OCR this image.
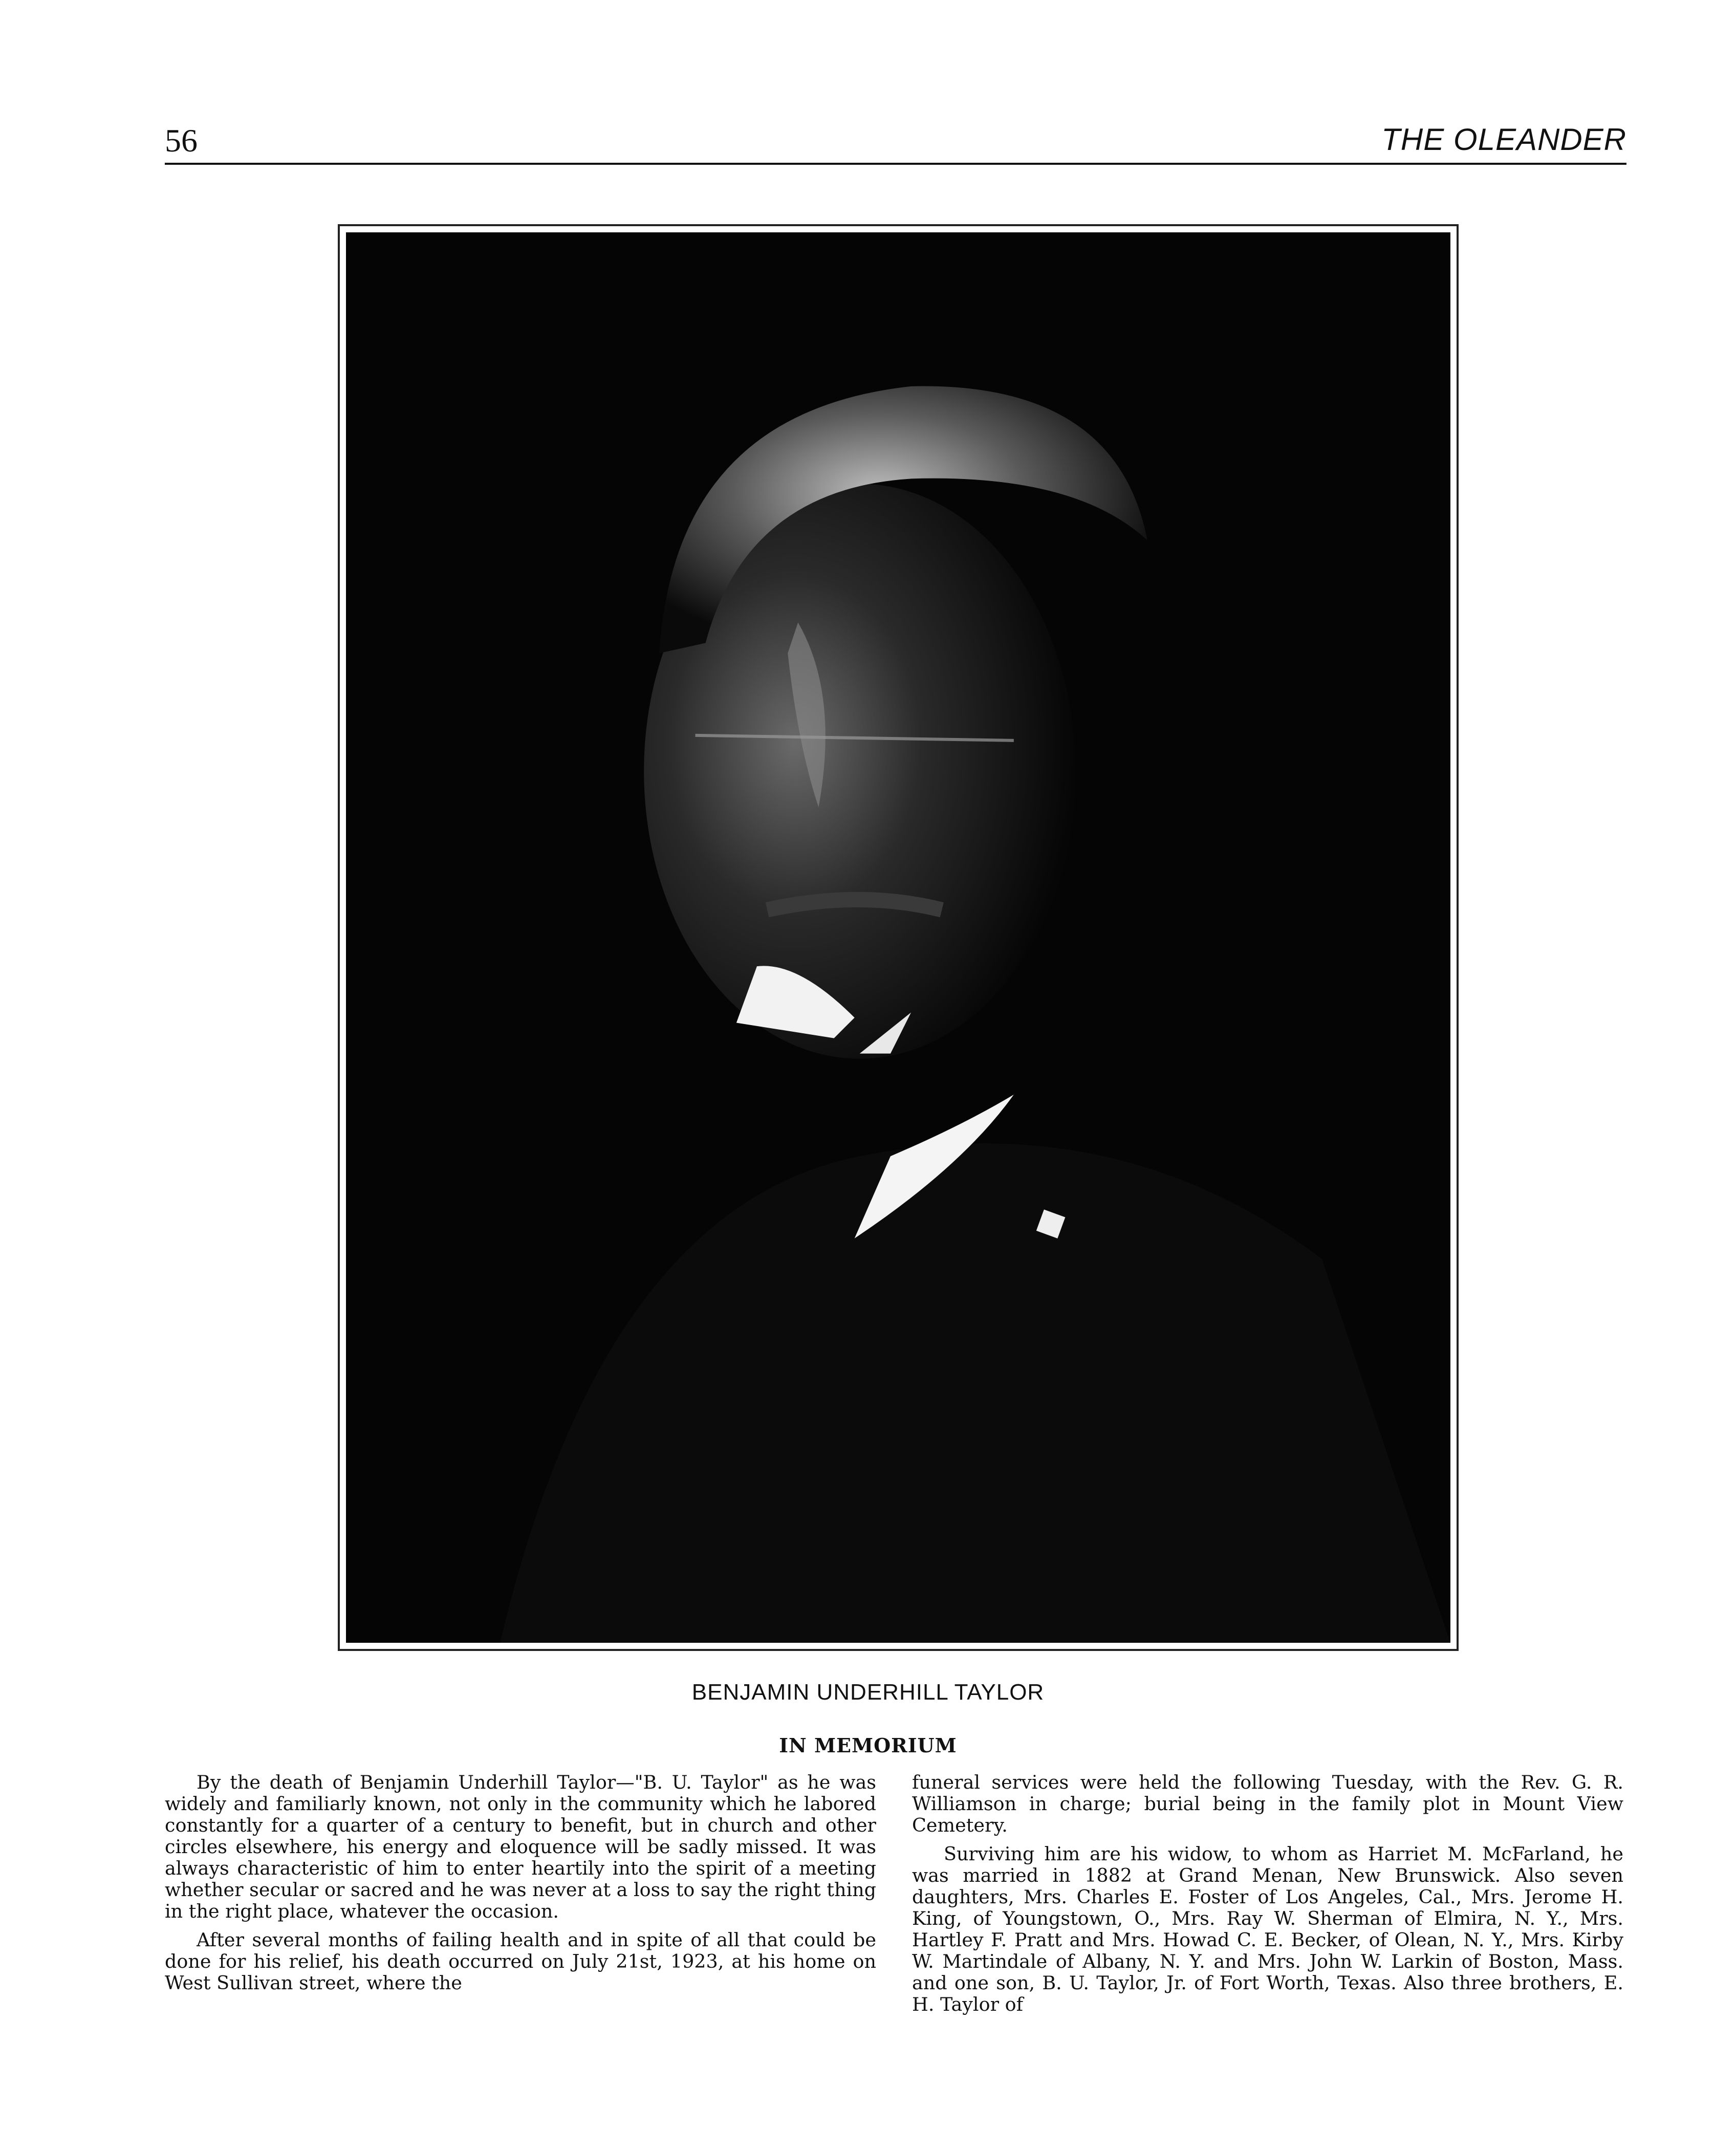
56	THE OLEANDER
BENJAMIN UNDERHILL TAYLOR
IN MEMORIUM

By the death of Benjamin Underhill Taylor—"B. U. Taylor" as he was widely and familiarly known, not only in the community which he labored constantly for a quarter of a century to benefit, but in church and other circles elsewhere, his energy and eloquence will be sadly missed. It was always characteristic of him to enter heartily into the spirit of a meeting whether secular or sacred and he was never at a loss to say the right thing in the right place, whatever the occasion.

After several months of failing health and in spite of all that could be done for his relief, his death occurred on July 21st, 1923, at his home on West Sullivan street, where the

funeral services were held the following Tuesday, with the Rev. G. R. Williamson in charge; burial being in the family plot in Mount View Cemetery.

Surviving him are his widow, to whom as Harriet M. McFarland, he was married in 1882 at Grand Menan, New Brunswick. Also seven daughters, Mrs. Charles E. Foster of Los Angeles, Cal., Mrs. Jerome H. King, of Youngstown, O., Mrs. Ray W. Sherman of Elmira, N. Y., Mrs. Hartley F. Pratt and Mrs. Howad C. E. Becker, of Olean, N. Y., Mrs. Kirby W. Martindale of Albany, N. Y. and Mrs. John W. Larkin of Boston, Mass. and one son, B. U. Taylor, Jr. of Fort Worth, Texas. Also three brothers, E. H. Taylor of
